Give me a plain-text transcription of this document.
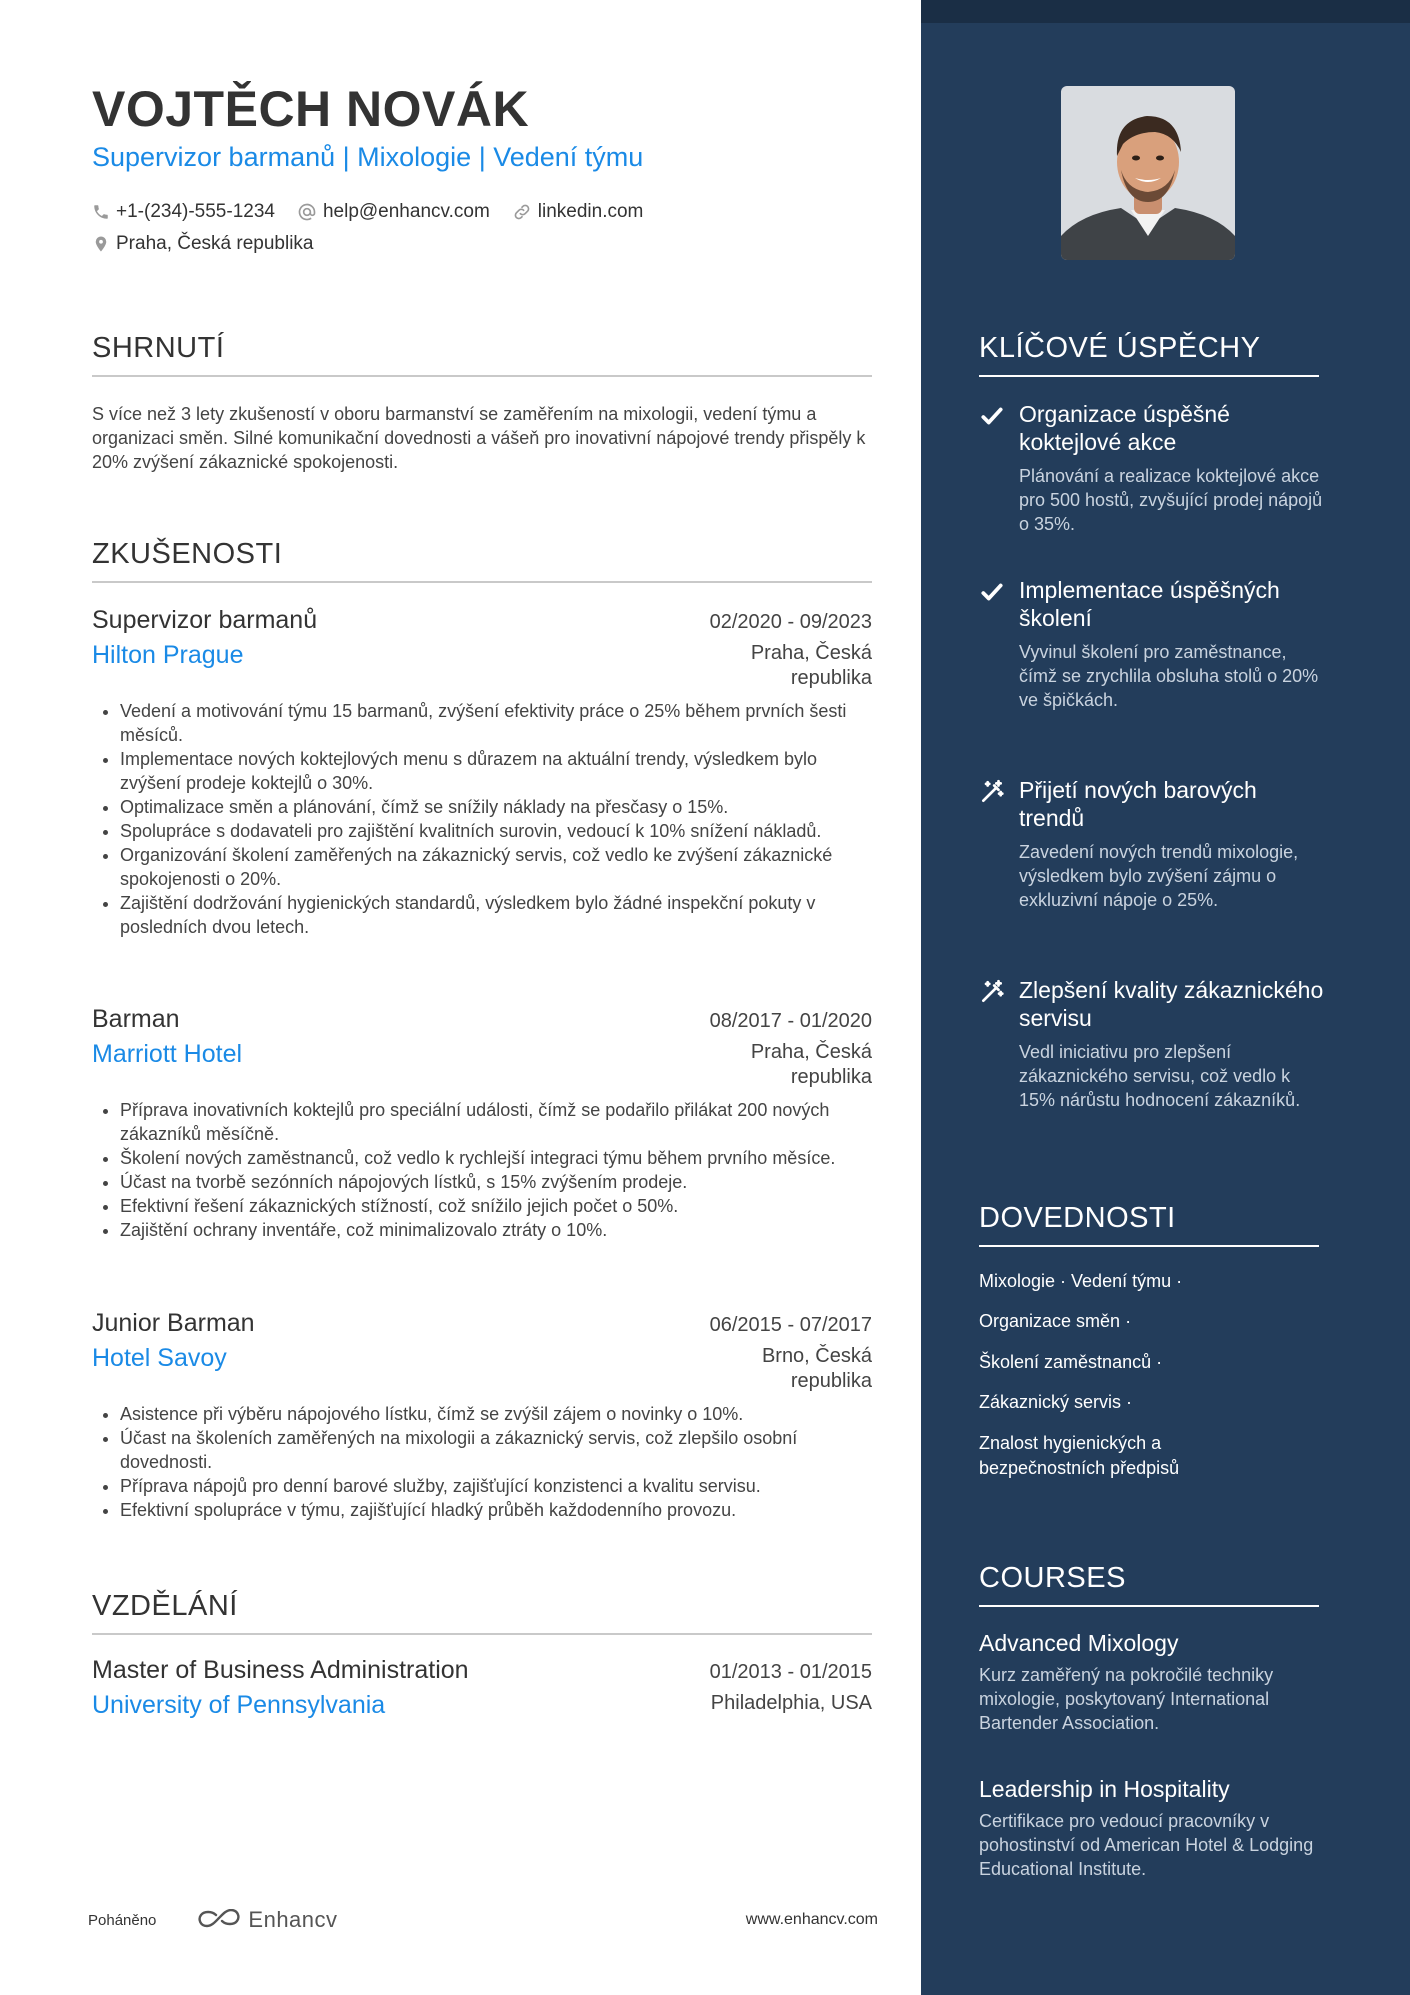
VOJTĚCH NOVÁK
Supervizor barmanů | Mixologie | Vedení týmu
+1-(234)-555-1234	help@enhancv.com	linkedin.com
Praha, Česká republika
SHRNUTÍ

S více než 3 lety zkušeností v oboru barmanství se zaměřením na mixologii, vedení týmu a organizaci směn. Silné komunikační dovednosti a vášeň pro inovativní nápojové trendy přispěly k 20% zvýšení zákaznické spokojenosti.

ZKUŠENOSTI
Supervizor barmanů	02/2020 - 09/2023
Hilton Prague	Praha, Česká republika
• Vedení a motivování týmu 15 barmanů, zvýšení efektivity práce o 25% během prvních šesti měsíců.
• Implementace nových koktejlových menu s důrazem na aktuální trendy, výsledkem bylo zvýšení prodeje koktejlů o 30%.
• Optimalizace směn a plánování, čímž se snížily náklady na přesčasy o 15%.
• Spolupráce s dodavateli pro zajištění kvalitních surovin, vedoucí k 10% snížení nákladů.
• Organizování školení zaměřených na zákaznický servis, což vedlo ke zvýšení zákaznické spokojenosti o 20%.
• Zajištění dodržování hygienických standardů, výsledkem bylo žádné inspekční pokuty v posledních dvou letech.
Barman	08/2017 - 01/2020
Marriott Hotel	Praha, Česká republika
• Příprava inovativních koktejlů pro speciální události, čímž se podařilo přilákat 200 nových zákazníků měsíčně.
• Školení nových zaměstnanců, což vedlo k rychlejší integraci týmu během prvního měsíce.
• Účast na tvorbě sezónních nápojových lístků, s 15% zvýšením prodeje.
• Efektivní řešení zákaznických stížností, což snížilo jejich počet o 50%.
• Zajištění ochrany inventáře, což minimalizovalo ztráty o 10%.
Junior Barman	06/2015 - 07/2017
Hotel Savoy	Brno, Česká republika
• Asistence při výběru nápojového lístku, čímž se zvýšil zájem o novinky o 10%.
• Účast na školeních zaměřených na mixologii a zákaznický servis, což zlepšilo osobní dovednosti.
• Příprava nápojů pro denní barové služby, zajišťující konzistenci a kvalitu servisu.
• Efektivní spolupráce v týmu, zajišťující hladký průběh každodenního provozu.
VZDĚLÁNÍ
Master of Business Administration	01/2013 - 01/2015
University of Pennsylvania	Philadelphia, USA
Poháněno	Enhancv	www.enhancv.com
KLÍČOVÉ ÚSPĚCHY
Organizace úspěšné koktejlové akce
Plánování a realizace koktejlové akce pro 500 hostů, zvyšující prodej nápojů o 35%.
Implementace úspěšných školení
Vyvinul školení pro zaměstnance, čímž se zrychlila obsluha stolů o 20% ve špičkách.
Přijetí nových barových trendů
Zavedení nových trendů mixologie, výsledkem bylo zvýšení zájmu o exkluzivní nápoje o 25%.
Zlepšení kvality zákaznického servisu
Vedl iniciativu pro zlepšení zákaznického servisu, což vedlo k 15% nárůstu hodnocení zákazníků.
DOVEDNOSTI
Mixologie · Vedení týmu ·
Organizace směn ·
Školení zaměstnanců ·
Zákaznický servis ·
Znalost hygienických a bezpečnostních předpisů
COURSES
Advanced Mixology
Kurz zaměřený na pokročilé techniky mixologie, poskytovaný International Bartender Association.
Leadership in Hospitality
Certifikace pro vedoucí pracovníky v pohostinství od American Hotel & Lodging Educational Institute.
